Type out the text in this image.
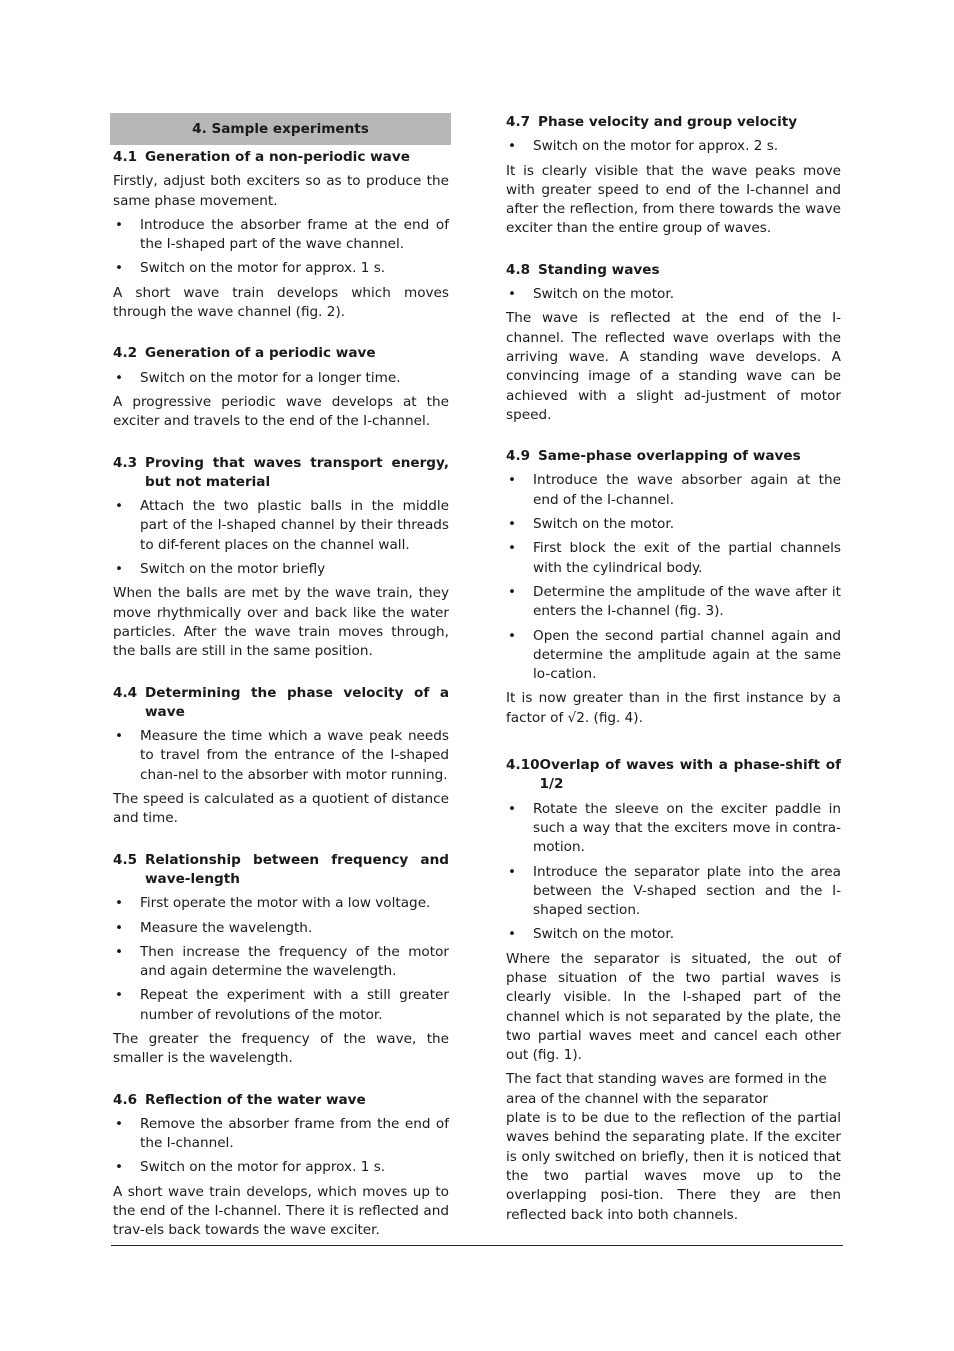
4. Sample experiments
4.1 Generation of a non-periodic wave

Firstly, adjust both exciters so as to produce the same phase movement.

• Introduce the absorber frame at the end of the I-shaped part of the wave channel.
• Switch on the motor for approx. 1 s.

A short wave train develops which moves through the wave channel (fig. 2).

4.2 Generation of a periodic wave
• Switch on the motor for a longer time.

A progressive periodic wave develops at the exciter and travels to the end of the I-channel.

4.3 Proving that waves transport energy, but not material
• Attach the two plastic balls in the middle part of the I-shaped channel by their threads to dif-ferent places on the channel wall.
• Switch on the motor briefly

When the balls are met by the wave train, they move rhythmically over and back like the water particles. After the wave train moves through, the balls are still in the same position.

4.4 Determining the phase velocity of a wave
• Measure the time which a wave peak needs to travel from the entrance of the I-shaped chan-nel to the absorber with motor running.

The speed is calculated as a quotient of distance and time.

4.5 Relationship between frequency and wave-length
• First operate the motor with a low voltage.
• Measure the wavelength.
• Then increase the frequency of the motor and again determine the wavelength.
• Repeat the experiment with a still greater number of revolutions of the motor.

The greater the frequency of the wave, the smaller is the wavelength.

4.6 Reflection of the water wave
• Remove the absorber frame from the end of the I-channel.
• Switch on the motor for approx. 1 s.

A short wave train develops, which moves up to the end of the I-channel. There it is reflected and trav-els back towards the wave exciter.

4.7 Phase velocity and group velocity
• Switch on the motor for approx. 2 s.

It is clearly visible that the wave peaks move with greater speed to end of the I-channel and after the reflection, from there towards the wave exciter than the entire group of waves.

4.8 Standing waves
• Switch on the motor.

The wave is reflected at the end of the I-channel. The reflected wave overlaps with the arriving wave. A standing wave develops. A convincing image of a standing wave can be achieved with a slight ad-justment of motor speed.

4.9 Same-phase overlapping of waves
• Introduce the wave absorber again at the end of the I-channel.
• Switch on the motor.
• First block the exit of the partial channels with the cylindrical body.
• Determine the amplitude of the wave after it enters the I-channel (fig. 3).
• Open the second partial channel again and determine the amplitude again at the same lo-cation.

It is now greater than in the first instance by a factor of √2. (fig. 4).

4.10 Overlap of waves with a phase-shift of 1/2
• Rotate the sleeve on the exciter paddle in such a way that the exciters move in contra-motion.
• Introduce the separator plate into the area between the V-shaped section and the I-shaped section.
• Switch on the motor.

Where the separator is situated, the out of phase situation of the two partial waves is clearly visible. In the I-shaped part of the channel which is not separated by the plate, the two partial waves meet and cancel each other out (fig. 1).

The fact that standing waves are formed in the area of the channel with the separator

plate is to be due to the reflection of the partial waves behind the separating plate. If the exciter is only switched on briefly, then it is noticed that the two partial waves move up to the overlapping posi-tion. There they are then reflected back into both channels.
